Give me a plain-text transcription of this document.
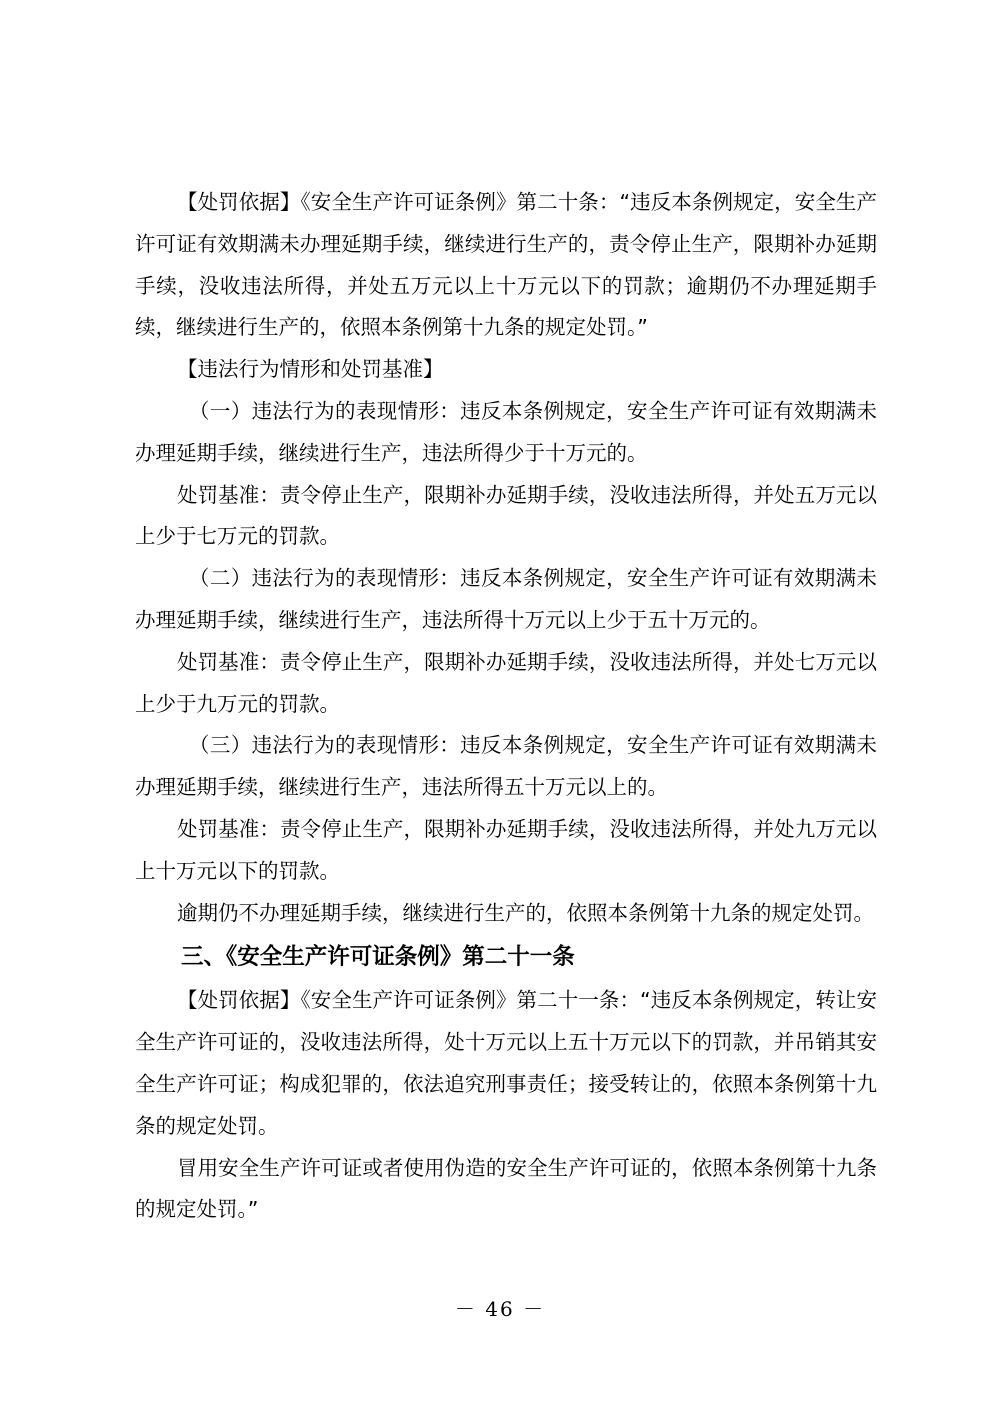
【处罚依据】《安全生产许可证条例》第二十条：“违反本条例规定，安全生产许可证有效期满未办理延期手续，继续进行生产的，责令停止生产，限期补办延期手续，没收违法所得，并处五万元以上十万元以下的罚款；逾期仍不办理延期手续，继续进行生产的，依照本条例第十九条的规定处罚。”

【违法行为情形和处罚基准】

（一）违法行为的表现情形：违反本条例规定，安全生产许可证有效期满未办理延期手续，继续进行生产，违法所得少于十万元的。

处罚基准：责令停止生产，限期补办延期手续，没收违法所得，并处五万元以上少于七万元的罚款。

（二）违法行为的表现情形：违反本条例规定，安全生产许可证有效期满未办理延期手续，继续进行生产，违法所得十万元以上少于五十万元的。

处罚基准：责令停止生产，限期补办延期手续，没收违法所得，并处七万元以上少于九万元的罚款。

（三）违法行为的表现情形：违反本条例规定，安全生产许可证有效期满未办理延期手续，继续进行生产，违法所得五十万元以上的。

处罚基准：责令停止生产，限期补办延期手续，没收违法所得，并处九万元以上十万元以下的罚款。

逾期仍不办理延期手续，继续进行生产的，依照本条例第十九条的规定处罚。

三、《安全生产许可证条例》第二十一条

【处罚依据】《安全生产许可证条例》第二十一条：“违反本条例规定，转让安全生产许可证的，没收违法所得，处十万元以上五十万元以下的罚款，并吊销其安全生产许可证；构成犯罪的，依法追究刑事责任；接受转让的，依照本条例第十九条的规定处罚。

冒用安全生产许可证或者使用伪造的安全生产许可证的，依照本条例第十九条的规定处罚。”

－ 46 －
